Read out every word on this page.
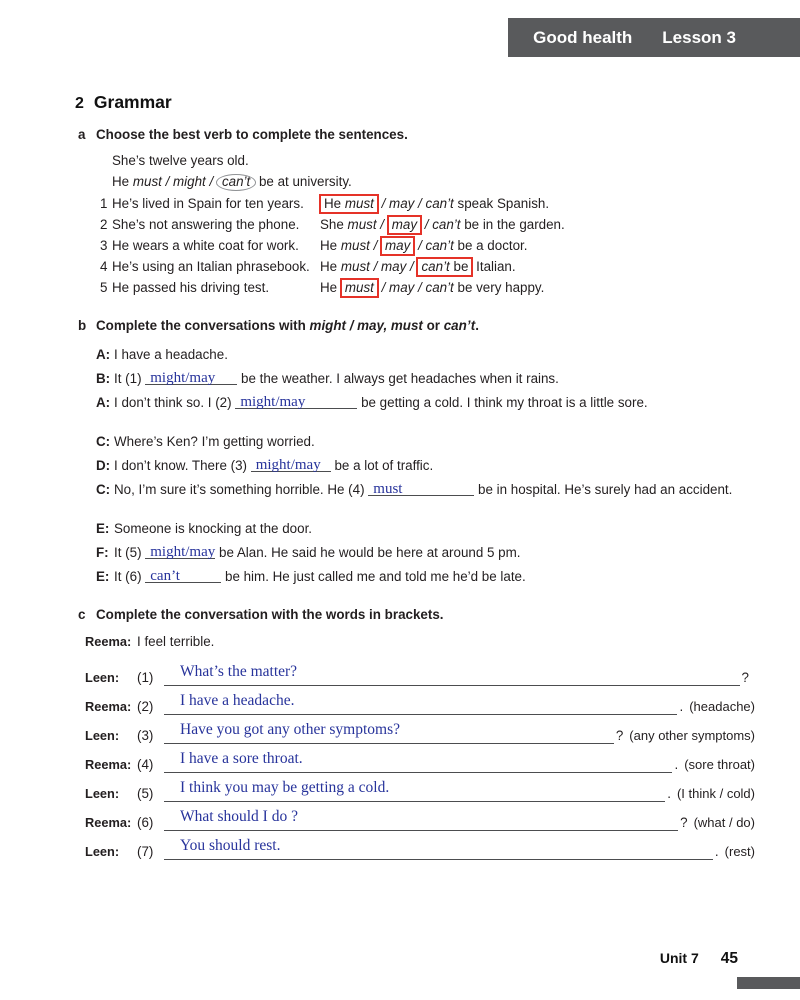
Good health Lesson 3
2 Grammar
a Choose the best verb to complete the sentences.
She’s twelve years old.
He must / might / can’t be at university.
1 He’s lived in Spain for ten years.	He must / may / can’t speak Spanish.
2 She’s not answering the phone.	She must / may / can’t be in the garden.
3 He wears a white coat for work.	He must / may / can’t be a doctor.
4 He’s using an Italian phrasebook. He must / may / can’t be Italian.
5 He passed his driving test.	He must / may / can’t be very happy.
b Complete the conversations with might / may, must or can’t.
A: I have a headache.
B: It (1) might/may be the weather. I always get headaches when it rains.
A: I don’t think so. I (2) might/may	be getting a cold. I think my throat is a little sore.
C: Where’s Ken? I’m getting worried.
D: I don’t know. There (3) might/may be a lot of traffic.
C: No, I’m sure it’s something horrible. He (4) must	be in hospital. He’s surely had an accident.
E: Someone is knocking at the door.
F: It (5) might/may be Alan. He said he would be here at around 5 pm.
E: It (6) can’t	be him. He just called me and told me he’d be late.
c Complete the conversation with the words in brackets.
Reema: I feel terrible.
Leen:	(1)	What’s the matter?	?
Reema: (2)	I have a headache.	. (headache)
Leen:	(3)	Have you got any other symptoms?	? (any other symptoms)
Reema: (4)	I have a sore throat.	. (sore throat)
Leen:	(5)	I think you may be getting a cold.	. (I think / cold)
Reema: (6)	What should I do ?	? (what / do)
Leen:	(7)	You should rest.	. (rest)
Unit 7 45
